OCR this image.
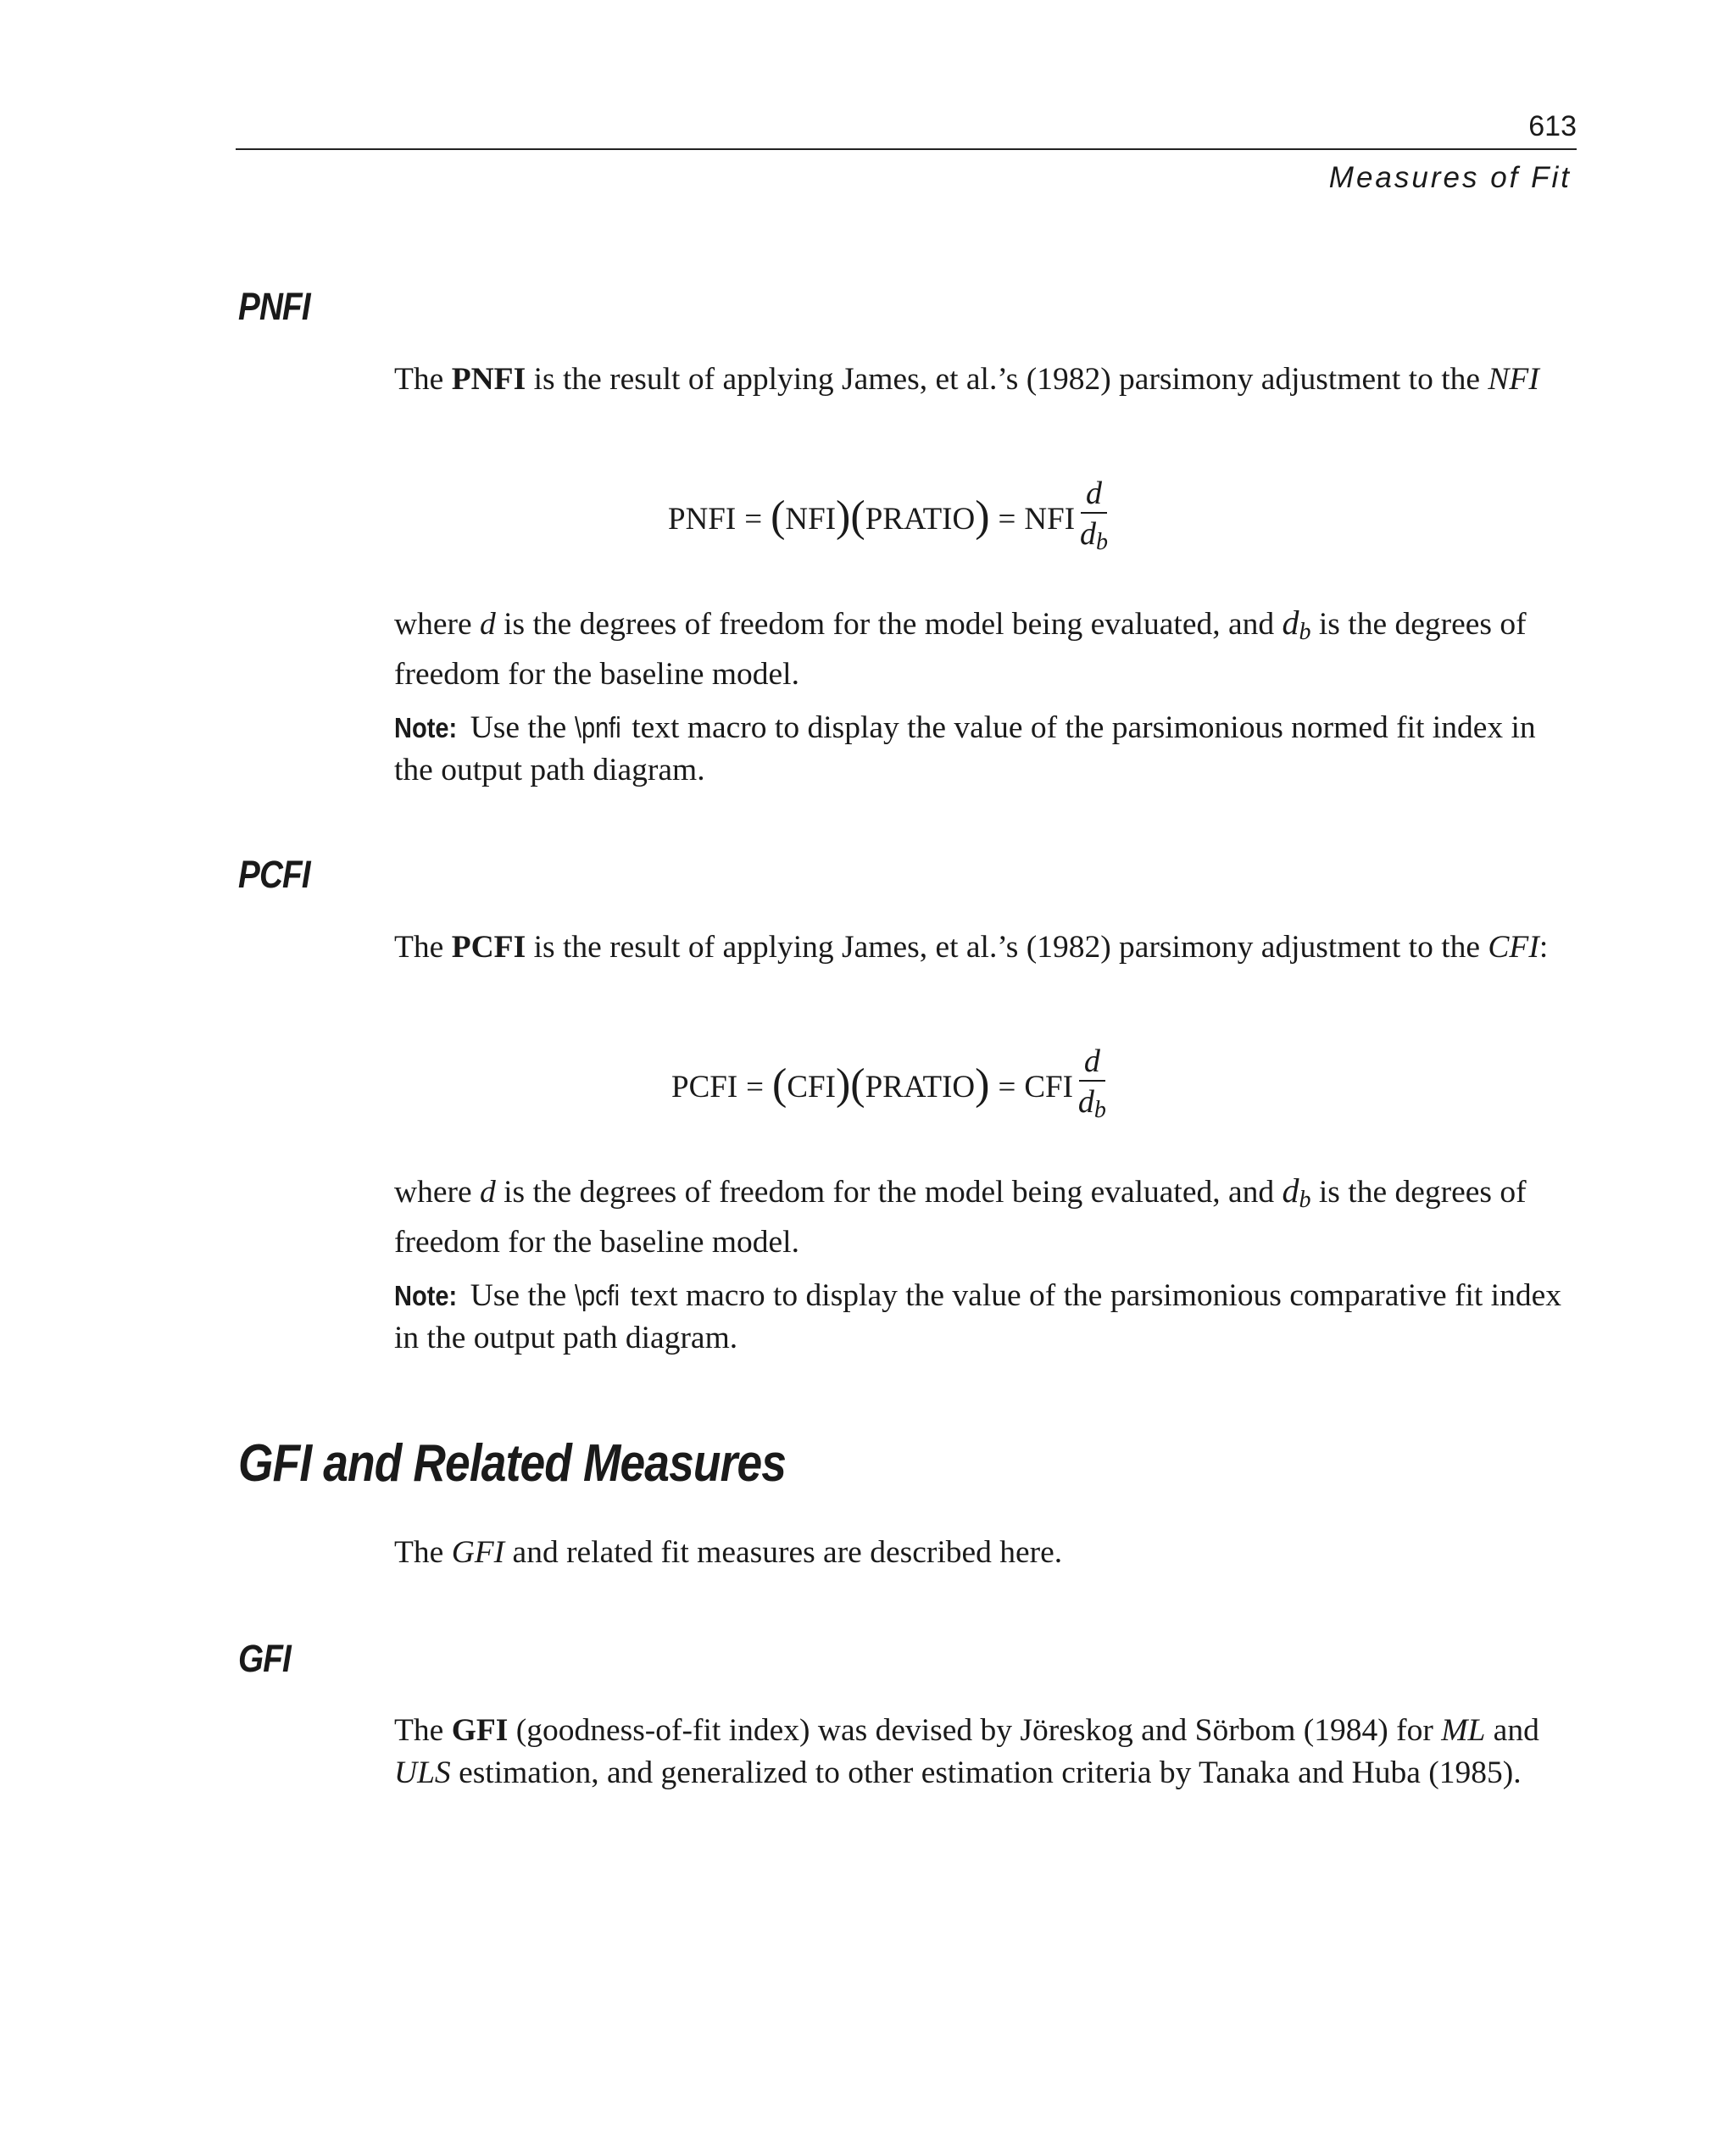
613
Measures of Fit
PNFI

The PNFI is the result of applying James, et al.’s (1982) parsimony adjustment to the NFI

PNFI = ( NFI ) ( PRATIO ) = NFI $\frac{d}{d_b}$

where d is the degrees of freedom for the model being evaluated, and $d_b$ is the degrees of freedom for the baseline model.

Note: Use the \pnfi text macro to display the value of the parsimonious normed fit index in the output path diagram.

PCFI

The PCFI is the result of applying James, et al.’s (1982) parsimony adjustment to the CFI:

PCFI = ( CFI ) ( PRATIO ) = CFI $\frac{d}{d_b}$

where d is the degrees of freedom for the model being evaluated, and $d_b$ is the degrees of freedom for the baseline model.

Note: Use the \pcfi text macro to display the value of the parsimonious comparative fit index in the output path diagram.

GFI and Related Measures

The GFI and related fit measures are described here.

GFI

The GFI (goodness-of-fit index) was devised by Jöreskog and Sörbom (1984) for ML and ULS estimation, and generalized to other estimation criteria by Tanaka and Huba (1985).
